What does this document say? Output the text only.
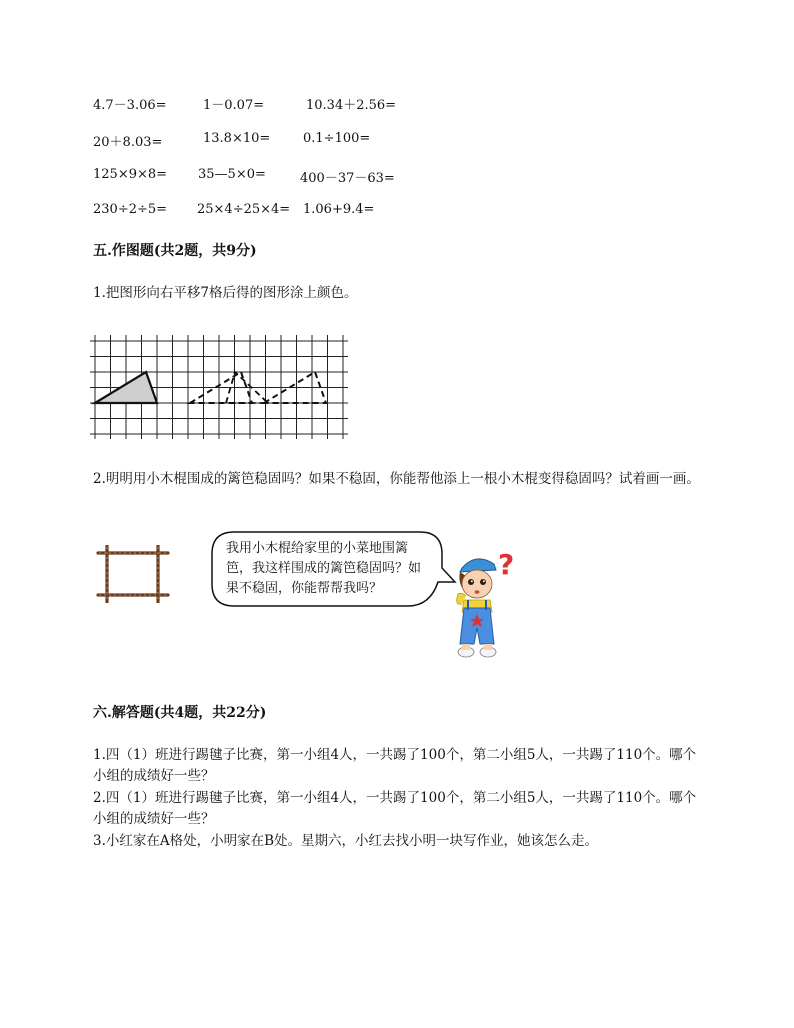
4.7－3.06=	1－0.07=	10.34＋2.56=
20＋8.03=	13.8×10=	0.1÷100=
125×9×8= 35—5×0=	400－37－63=
230÷2÷5= 25×4÷25×4= 1.06+9.4=
五.作图题(共2题，共9分)
1.把图形向右平移7格后得的图形涂上颜色。
2.明明用小木棍围成的篱笆稳固吗？如果不稳固，你能帮他添上一根小木棍变得稳固吗？试着画一画。
我用小木棍给家里的小菜地围篱笆，我这样围成的篱笆稳固吗？如果不稳固，你能帮帮我吗？
?
六.解答题(共4题，共22分)
1.四（1）班进行踢毽子比赛，第一小组4人，一共踢了100个，第二小组5人，一共踢了110个。哪个小组的成绩好一些？
2.四（1）班进行踢毽子比赛，第一小组4人，一共踢了100个，第二小组5人，一共踢了110个。哪个小组的成绩好一些？
3.小红家在A格处，小明家在B处。星期六，小红去找小明一块写作业，她该怎么走。
